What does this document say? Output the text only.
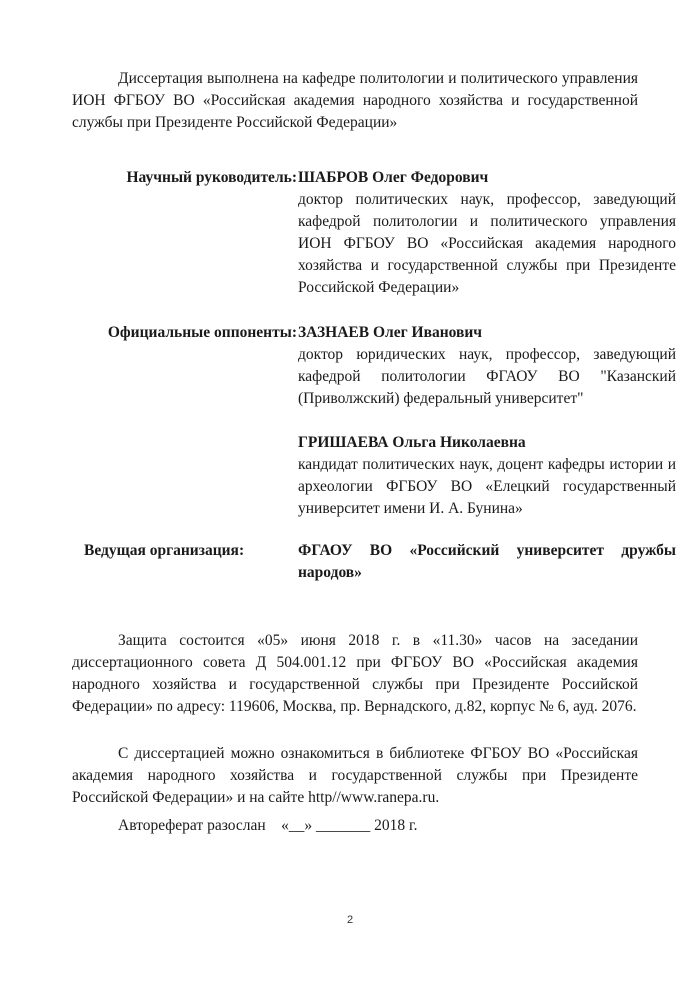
Диссертация выполнена на кафедре политологии и политического управления ИОН ФГБОУ ВО «Российская академия народного хозяйства и государственной службы при Президенте Российской Федерации»

Научный руководитель: ШАБРОВ Олег Федорович
доктор политических наук, профессор, заведующий кафедрой политологии и политического управления ИОН ФГБОУ ВО «Российская академия народного хозяйства и государственной службы при Президенте Российской Федерации»
Официальные оппоненты: ЗАЗНАЕВ Олег Иванович
доктор юридических наук, профессор, заведующий кафедрой политологии ФГАОУ ВО "Казанский (Приволжский) федеральный университет"
ГРИШАЕВА Ольга Николаевна
кандидат политических наук, доцент кафедры истории и археологии ФГБОУ ВО «Елецкий государственный университет имени И. А. Бунина»
Ведущая организация:	ФГАОУ ВО «Российский университет дружбы народов»

Защита состоится «05» июня 2018 г. в «11.30» часов на заседании диссертационного совета Д 504.001.12 при ФГБОУ ВО «Российская академия народного хозяйства и государственной службы при Президенте Российской Федерации» по адресу: 119606, Москва, пр. Вернадского, д.82, корпус № 6, ауд. 2076.

С диссертацией можно ознакомиться в библиотеке ФГБОУ ВО «Российская академия народного хозяйства и государственной службы при Президенте Российской Федерации» и на сайте http//www.ranepa.ru.

Автореферат разослан    «__» _______ 2018 г.

2
